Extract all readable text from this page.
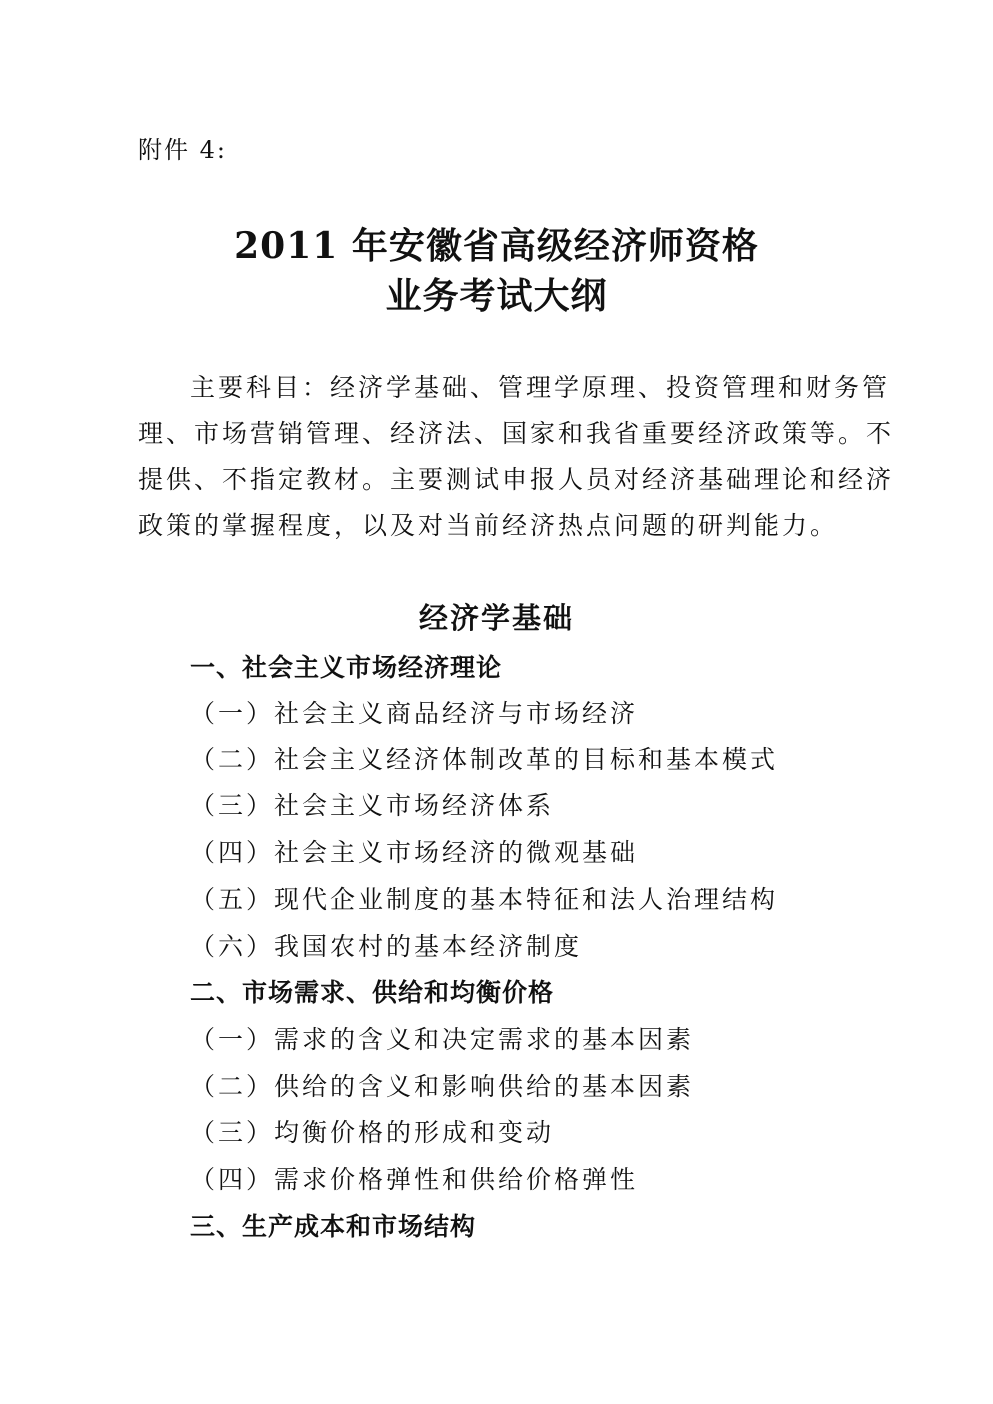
附件 4:
2011 年安徽省高级经济师资格
业务考试大纲
主要科目：经济学基础、管理学原理、投资管理和财务管
理、市场营销管理、经济法、国家和我省重要经济政策等。不
提供、不指定教材。主要测试申报人员对经济基础理论和经济
政策的掌握程度，以及对当前经济热点问题的研判能力。
经济学基础
一、社会主义市场经济理论
（一）社会主义商品经济与市场经济
（二）社会主义经济体制改革的目标和基本模式
（三）社会主义市场经济体系
（四）社会主义市场经济的微观基础
（五）现代企业制度的基本特征和法人治理结构
（六）我国农村的基本经济制度
二、市场需求、供给和均衡价格
（一）需求的含义和决定需求的基本因素
（二）供给的含义和影响供给的基本因素
（三）均衡价格的形成和变动
（四）需求价格弹性和供给价格弹性
三、生产成本和市场结构
